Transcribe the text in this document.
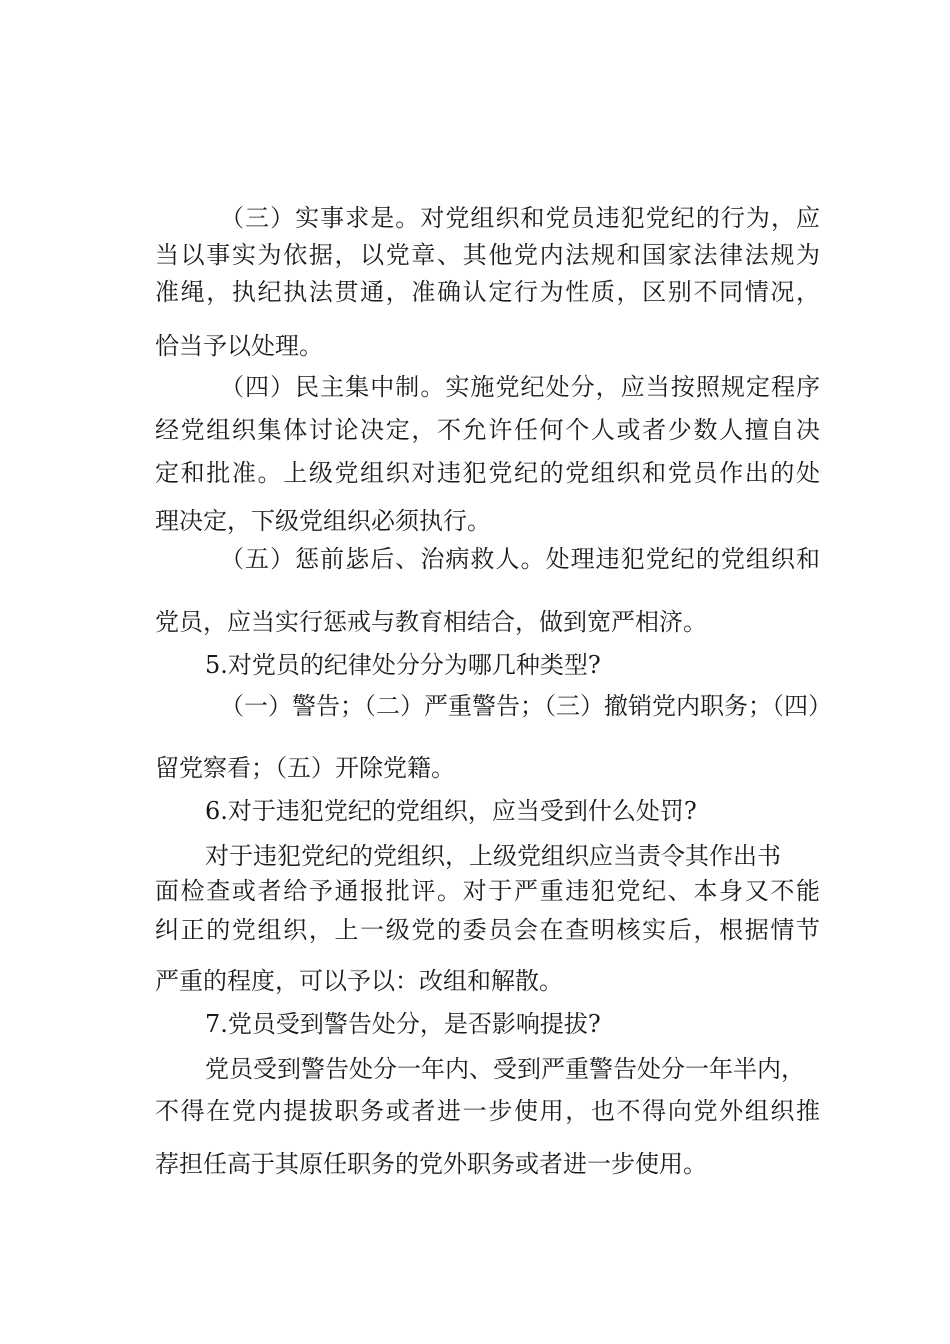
（三）实事求是。对党组织和党员违犯党纪的行为，应
当以事实为依据，以党章、其他党内法规和国家法律法规为
准绳，执纪执法贯通，准确认定行为性质，区别不同情况，
恰当予以处理。
（四）民主集中制。实施党纪处分，应当按照规定程序
经党组织集体讨论决定，不允许任何个人或者少数人擅自决
定和批准。上级党组织对违犯党纪的党组织和党员作出的处
理决定，下级党组织必须执行。
（五）惩前毖后、治病救人。处理违犯党纪的党组织和
党员，应当实行惩戒与教育相结合，做到宽严相济。
5.对党员的纪律处分分为哪几种类型?
（一）警告；（二）严重警告；（三）撤销党内职务；（四）
留党察看；（五）开除党籍。
6.对于违犯党纪的党组织，应当受到什么处罚?
对于违犯党纪的党组织，上级党组织应当责令其作出书
面检查或者给予通报批评。对于严重违犯党纪、本身又不能
纠正的党组织，上一级党的委员会在查明核实后，根据情节
严重的程度，可以予以：改组和解散。
7.党员受到警告处分，是否影响提拔?
党员受到警告处分一年内、受到严重警告处分一年半内，
不得在党内提拔职务或者进一步使用，也不得向党外组织推
荐担任高于其原任职务的党外职务或者进一步使用。
